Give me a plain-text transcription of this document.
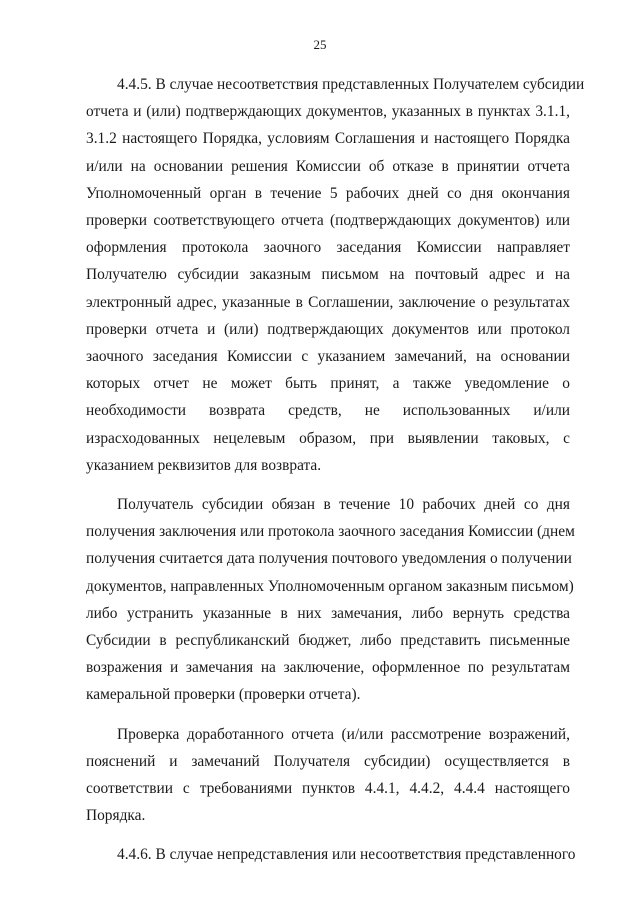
25
4.4.5. В случае несоответствия представленных Получателем субсидии
отчета и (или) подтверждающих документов, указанных в пунктах 3.1.1,
3.1.2 настоящего Порядка, условиям Соглашения и настоящего Порядка
и/или на основании решения Комиссии об отказе в принятии отчета
Уполномоченный орган в течение 5 рабочих дней со дня окончания
проверки соответствующего отчета (подтверждающих документов) или
оформления протокола заочного заседания Комиссии направляет
Получателю субсидии заказным письмом на почтовый адрес и на
электронный адрес, указанные в Соглашении, заключение о результатах
проверки отчета и (или) подтверждающих документов или протокол
заочного заседания Комиссии с указанием замечаний, на основании
которых отчет не может быть принят, а также уведомление о
необходимости возврата средств, не использованных и/или
израсходованных нецелевым образом, при выявлении таковых, с
указанием реквизитов для возврата.
Получатель субсидии обязан в течение 10 рабочих дней со дня
получения заключения или протокола заочного заседания Комиссии (днем
получения считается дата получения почтового уведомления о получении
документов, направленных Уполномоченным органом заказным письмом)
либо устранить указанные в них замечания, либо вернуть средства
Субсидии в республиканский бюджет, либо представить письменные
возражения и замечания на заключение, оформленное по результатам
камеральной проверки (проверки отчета).
Проверка доработанного отчета (и/или рассмотрение возражений,
пояснений и замечаний Получателя субсидии) осуществляется в
соответствии с требованиями пунктов 4.4.1, 4.4.2, 4.4.4 настоящего
Порядка.
4.4.6. В случае непредставления или несоответствия представленного
